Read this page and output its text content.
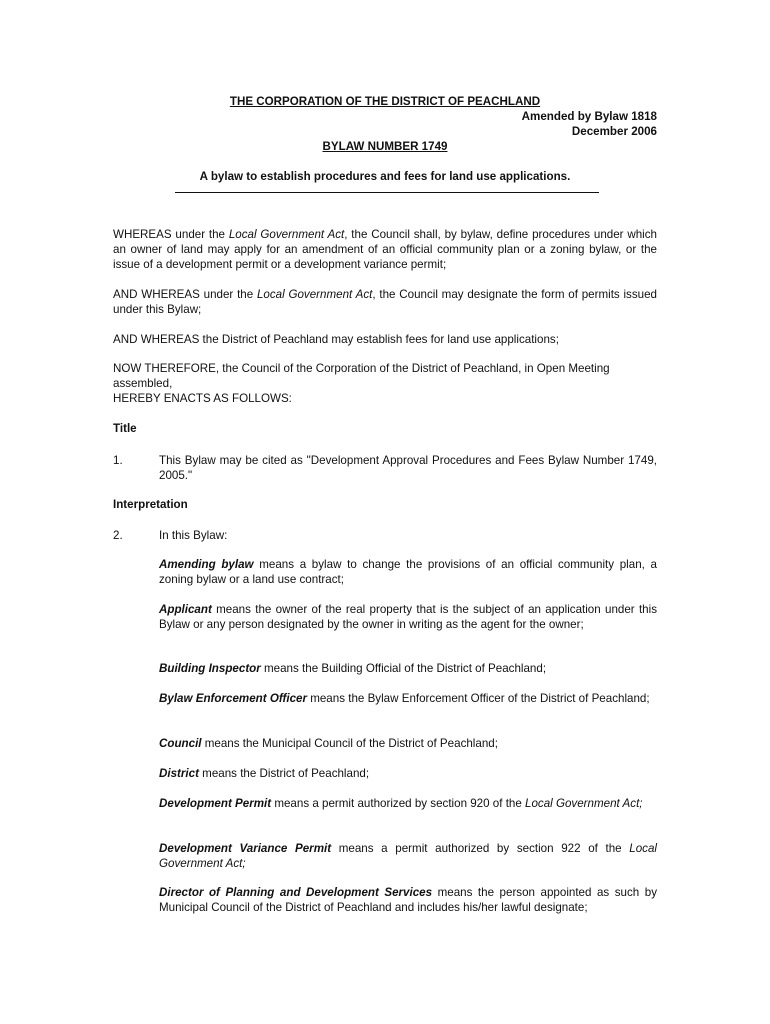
THE CORPORATION OF THE DISTRICT OF PEACHLAND
Amended by Bylaw 1818
December 2006
BYLAW NUMBER 1749
A bylaw to establish procedures and fees for land use applications.
WHEREAS under the Local Government Act, the Council shall, by bylaw, define procedures under which an owner of land may apply for an amendment of an official community plan or a zoning bylaw, or the issue of a development permit or a development variance permit;
AND WHEREAS under the Local Government Act, the Council may designate the form of permits issued under this Bylaw;
AND WHEREAS the District of Peachland may establish fees for land use applications;
NOW THEREFORE, the Council of the Corporation of the District of Peachland, in Open Meeting
assembled,
HEREBY ENACTS AS FOLLOWS:
Title
1.	This Bylaw may be cited as "Development Approval Procedures and Fees Bylaw Number 1749, 2005."
Interpretation
2.	In this Bylaw:
Amending bylaw means a bylaw to change the provisions of an official community plan, a zoning bylaw or a land use contract;
Applicant means the owner of the real property that is the subject of an application under this Bylaw or any person designated by the owner in writing as the agent for the owner;
Building Inspector means the Building Official of the District of Peachland;
Bylaw Enforcement Officer means the Bylaw Enforcement Officer of the District of Peachland;
Council means the Municipal Council of the District of Peachland;
District means the District of Peachland;
Development Permit means a permit authorized by section 920 of the Local Government Act;
Development Variance Permit means a permit authorized by section 922 of the Local Government Act;
Director of Planning and Development Services means the person appointed as such by Municipal Council of the District of Peachland and includes his/her lawful designate;
